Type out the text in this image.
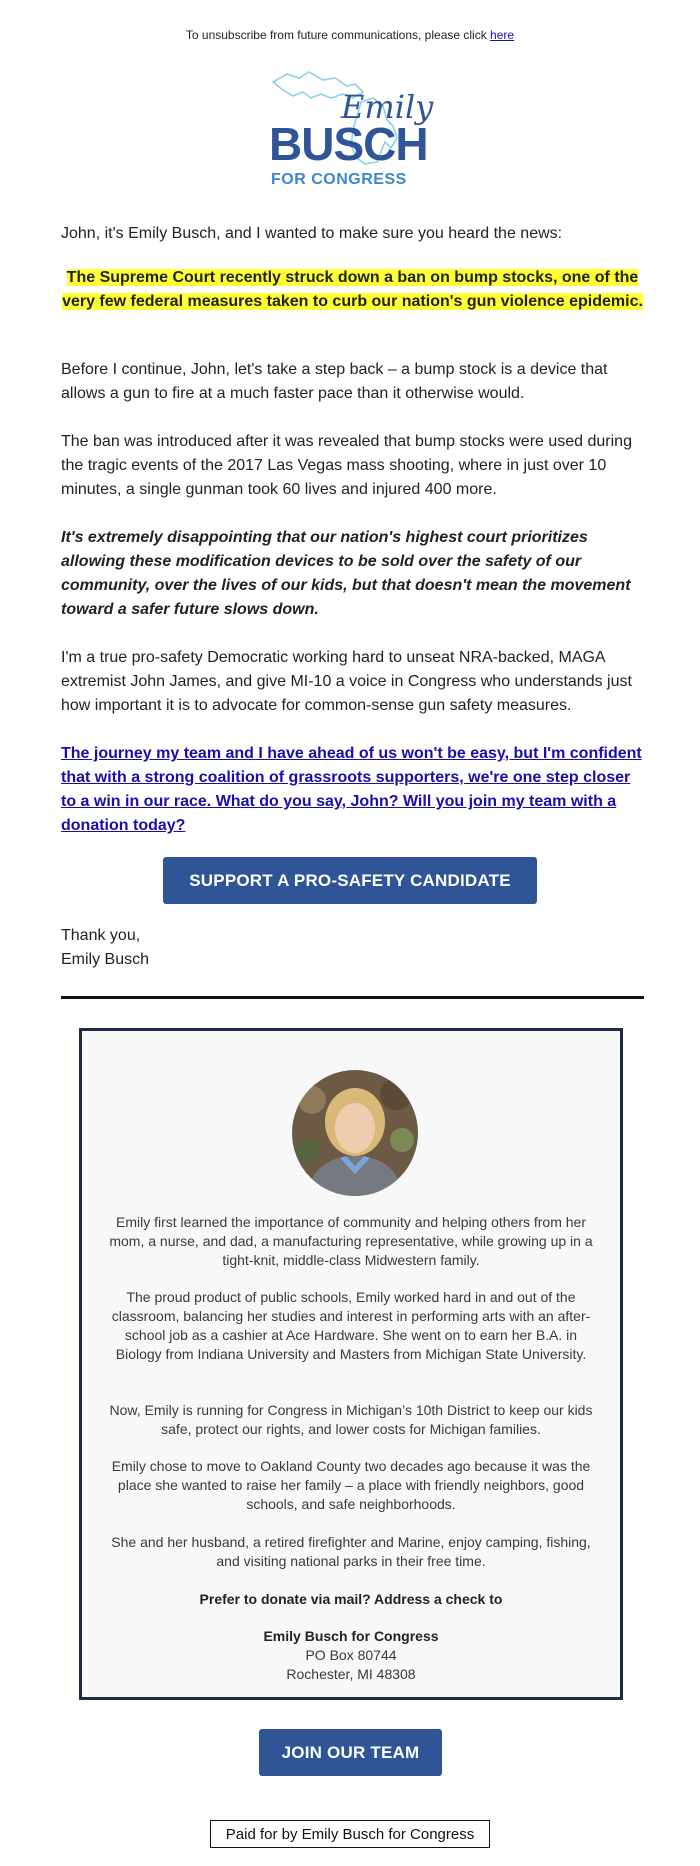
To unsubscribe from future communications, please click here
Emily
BUSCH
FOR CONGRESS

John, it's Emily Busch, and I wanted to make sure you heard the news:

The Supreme Court recently struck down a ban on bump stocks, one of the very few federal measures taken to curb our nation's gun violence epidemic.

Before I continue, John, let's take a step back – a bump stock is a device that allows a gun to fire at a much faster pace than it otherwise would.

The ban was introduced after it was revealed that bump stocks were used during the tragic events of the 2017 Las Vegas mass shooting, where in just over 10 minutes, a single gunman took 60 lives and injured 400 more.

It's extremely disappointing that our nation's highest court prioritizes allowing these modification devices to be sold over the safety of our community, over the lives of our kids, but that doesn't mean the movement toward a safer future slows down.

I'm a true pro-safety Democratic working hard to unseat NRA-backed, MAGA extremist John James, and give MI-10 a voice in Congress who understands just how important it is to advocate for common-sense gun safety measures.

The journey my team and I have ahead of us won't be easy, but I'm confident that with a strong coalition of grassroots supporters, we're one step closer to a win in our race. What do you say, John? Will you join my team with a donation today?
SUPPORT A PRO-SAFETY CANDIDATE
Thank you,
Emily Busch
Emily first learned the importance of community and helping others from her mom, a nurse, and dad, a manufacturing representative, while growing up in a tight-knit, middle-class Midwestern family.
The proud product of public schools, Emily worked hard in and out of the classroom, balancing her studies and interest in performing arts with an after-school job as a cashier at Ace Hardware. She went on to earn her B.A. in Biology from Indiana University and Masters from Michigan State University.
Now, Emily is running for Congress in Michigan’s 10th District to keep our kids safe, protect our rights, and lower costs for Michigan families.
Emily chose to move to Oakland County two decades ago because it was the place she wanted to raise her family – a place with friendly neighbors, good schools, and safe neighborhoods.
She and her husband, a retired firefighter and Marine, enjoy camping, fishing, and visiting national parks in their free time.
Prefer to donate via mail? Address a check to
Emily Busch for Congress
PO Box 80744
Rochester, MI 48308
JOIN OUR TEAM
Paid for by Emily Busch for Congress
